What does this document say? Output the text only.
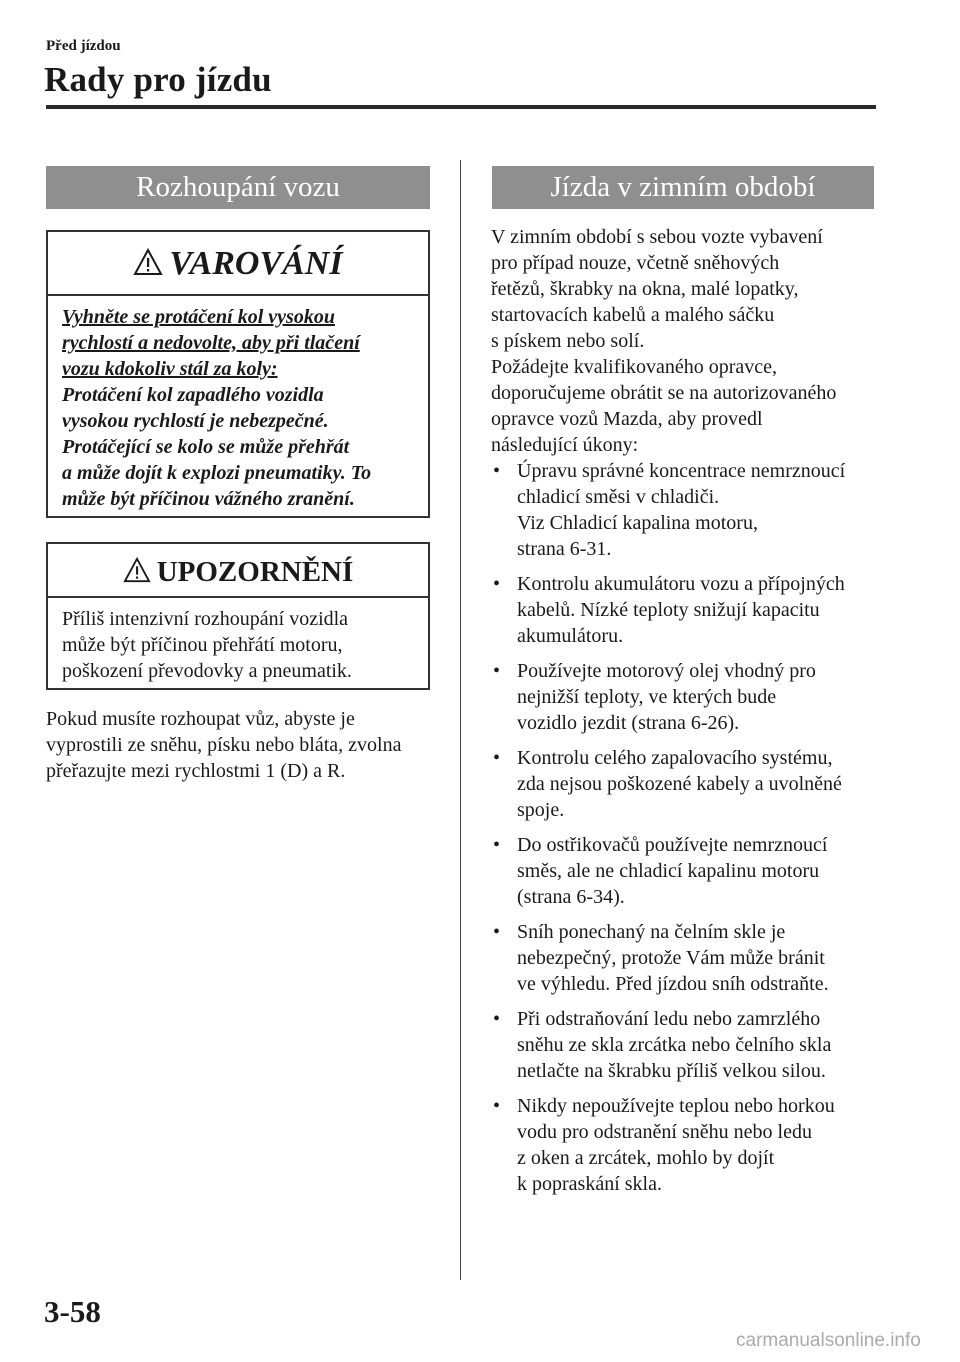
Před jízdou
Rady pro jízdu
Rozhoupání vozu
VAROVÁNÍ
Vyhněte se protáčení kol vysokou
rychlostí a nedovolte, aby při tlačení
vozu kdokoliv stál za koly:
Protáčení kol zapadlého vozidla
vysokou rychlostí je nebezpečné.
Protáčející se kolo se může přehřát
a může dojít k explozi pneumatiky. To
může být příčinou vážného zranění.
UPOZORNĚNÍ
Příliš intenzivní rozhoupání vozidla
může být příčinou přehřátí motoru,
poškození převodovky a pneumatik.
Pokud musíte rozhoupat vůz, abyste je
vyprostili ze sněhu, písku nebo bláta, zvolna
přeřazujte mezi rychlostmi 1 (D) a R.
Jízda v zimním období
V zimním období s sebou vozte vybavení
pro případ nouze, včetně sněhových
řetězů, škrabky na okna, malé lopatky,
startovacích kabelů a malého sáčku
s pískem nebo solí.
Požádejte kvalifikovaného opravce,
doporučujeme obrátit se na autorizovaného
opravce vozů Mazda, aby provedl
následující úkony:
• Úpravu správné koncentrace nemrznoucí
chladicí směsi v chladiči.
Viz Chladicí kapalina motoru,
strana 6-31.
• Kontrolu akumulátoru vozu a přípojných
kabelů. Nízké teploty snižují kapacitu
akumulátoru.
• Používejte motorový olej vhodný pro
nejnižší teploty, ve kterých bude
vozidlo jezdit (strana 6-26).
• Kontrolu celého zapalovacího systému,
zda nejsou poškozené kabely a uvolněné
spoje.
• Do ostřikovačů používejte nemrznoucí
směs, ale ne chladicí kapalinu motoru
(strana 6-34).
• Sníh ponechaný na čelním skle je
nebezpečný, protože Vám může bránit
ve výhledu. Před jízdou sníh odstraňte.
• Při odstraňování ledu nebo zamrzlého
sněhu ze skla zrcátka nebo čelního skla
netlačte na škrabku příliš velkou silou.
• Nikdy nepoužívejte teplou nebo horkou
vodu pro odstranění sněhu nebo ledu
z oken a zrcátek, mohlo by dojít
k popraskání skla.
3-58
carmanualsonline.info
